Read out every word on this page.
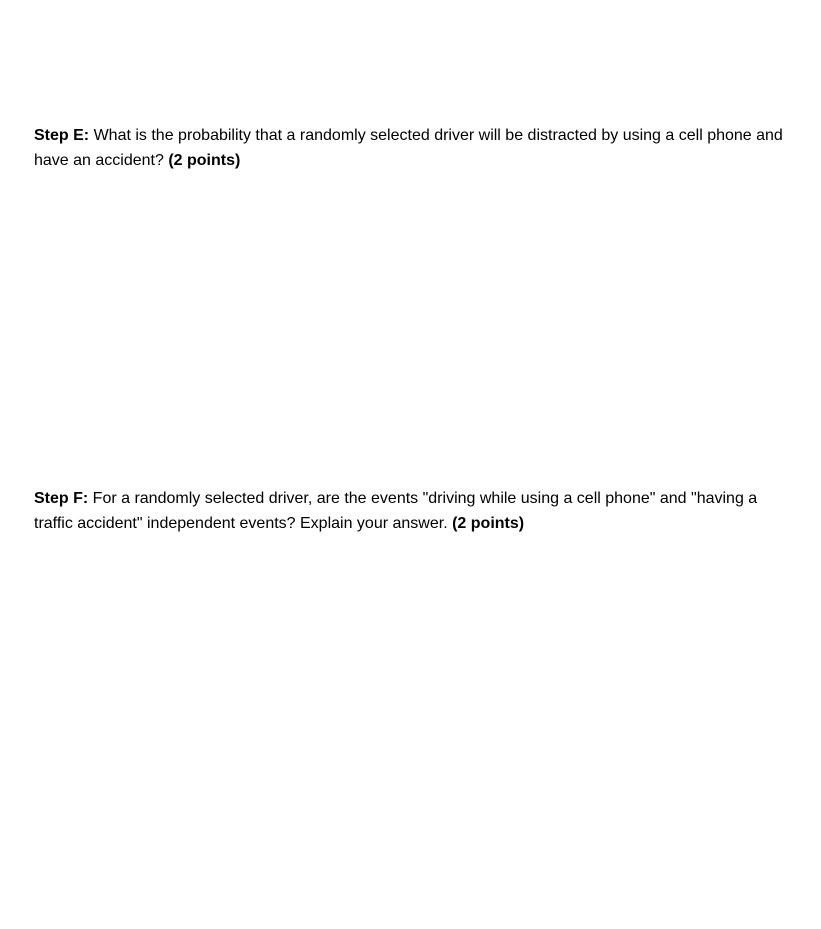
Step E: What is the probability that a randomly selected driver will be distracted by using a cell phone and have an accident? (2 points)

Step F: For a randomly selected driver, are the events "driving while using a cell phone" and "having a traffic accident" independent events? Explain your answer. (2 points)
